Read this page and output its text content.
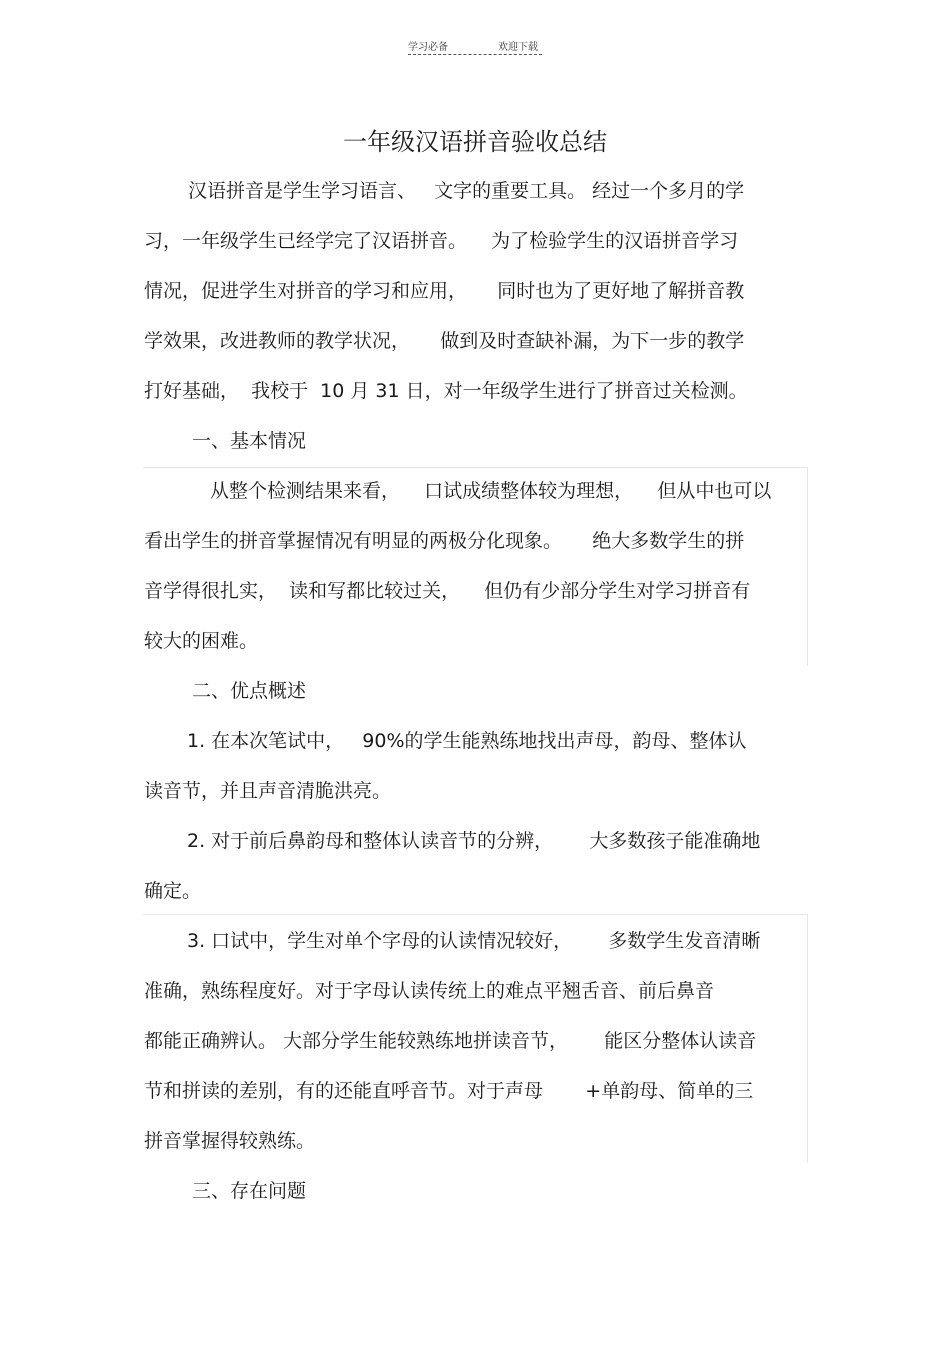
学习必备	欢迎下载
一年级汉语拼音验收总结
汉语拼音是学生学习语言、   文字的重要工具。 经过一个多月的学
习，一年级学生已经学完了汉语拼音。    为了检验学生的汉语拼音学习
情况，促进学生对拼音的学习和应用，     同时也为了更好地了解拼音教
学效果，改进教师的教学状况，     做到及时查缺补漏，为下一步的教学
打好基础，  我校于  10 月 31 日，对一年级学生进行了拼音过关检测。
一、基本情况
从整个检测结果来看，    口试成绩整体较为理想，    但从中也可以
看出学生的拼音掌握情况有明显的两极分化现象。     绝大多数学生的拼
音学得很扎实，  读和写都比较过关，    但仍有少部分学生对学习拼音有
较大的困难。
二、优点概述
1. 在本次笔试中，   90%的学生能熟练地找出声母，韵母、整体认
读音节，并且声音清脆洪亮。
2. 对于前后鼻韵母和整体认读音节的分辨，      大多数孩子能准确地
确定。
3. 口试中，学生对单个字母的认读情况较好，      多数学生发音清晰
准确，熟练程度好。对于字母认读传统上的难点平翘舌音、前后鼻音
都能正确辨认。 大部分学生能较熟练地拼读音节，      能区分整体认读音
节和拼读的差别，有的还能直呼音节。对于声母       +单韵母、简单的三
拼音掌握得较熟练。
三、存在问题
